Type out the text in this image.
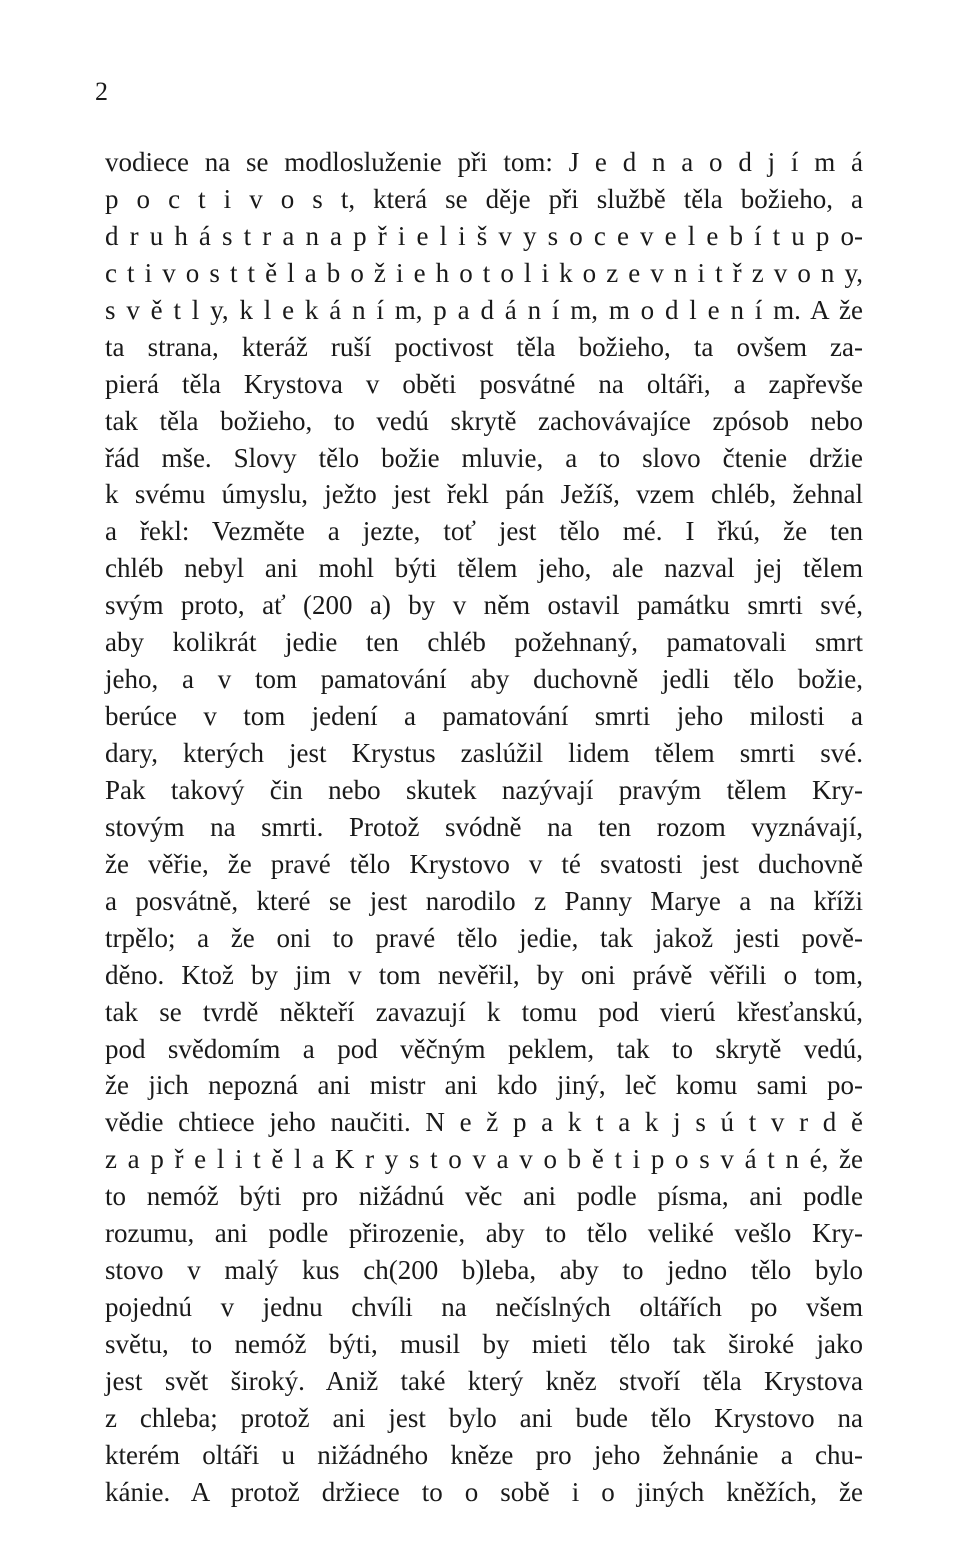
2
vodiece na se modlosluženie při tom: J e d n a o d j í m á
p o c t i v o s t, která se děje při službě těla božieho, a
d r u h á s t r a n a p ř i e l i š v y s o c e v e l e b í t u p o-
c t i v o s t t ě l a b o ž i e h o t o l i k o z e v n i t ř z v o n y,
s v ě t l y, k l e k á n í m, p a d á n í m, m o d l e n í m. A že
ta strana, kteráž ruší poctivost těla božieho, ta ovšem za-
pierá těla Krystova v oběti posvátné na oltáři, a zapřevše
tak těla božieho, to vedú skrytě zachovávajíce zpósob nebo
řád mše. Slovy tělo božie mluvie, a to slovo čtenie držie
k svému úmyslu, ježto jest řekl pán Ježíš, vzem chléb, žehnal
a řekl: Vezměte a jezte, toť jest tělo mé. I řkú, že ten
chléb nebyl ani mohl býti tělem jeho, ale nazval jej tělem
svým proto, ať (200 a) by v něm ostavil památku smrti své,
aby kolikrát jedie ten chléb požehnaný, pamatovali smrt
jeho, a v tom pamatování aby duchovně jedli tělo božie,
berúce v tom jedení a pamatování smrti jeho milosti a
dary, kterých jest Krystus zaslúžil lidem tělem smrti své.
Pak takový čin nebo skutek nazývají pravým tělem Kry-
stovým na smrti. Protož svódně na ten rozom vyznávají,
že věřie, že pravé tělo Krystovo v té svatosti jest duchovně
a posvátně, které se jest narodilo z Panny Marye a na kříži
trpělo; a že oni to pravé tělo jedie, tak jakož jesti pově-
děno. Ktož by jim v tom nevěřil, by oni právě věřili o tom,
tak se tvrdě někteří zavazují k tomu pod vierú křesťanskú,
pod svědomím a pod věčným peklem, tak to skrytě vedú,
že jich nepozná ani mistr ani kdo jiný, leč komu sami po-
vědie chtiece jeho naučiti. N e ž p a k t a k j s ú t v r d ě
z a p ř e l i t ě l a K r y s t o v a v o b ě t i p o s v á t n é, že
to nemóž býti pro nižádnú věc ani podle písma, ani podle
rozumu, ani podle přirozenie, aby to tělo veliké vešlo Kry-
stovo v malý kus ch(200 b)leba, aby to jedno tělo bylo
pojednú v jednu chvíli na nečíslných oltářích po všem
světu, to nemóž býti, musil by mieti tělo tak široké jako
jest svět široký. Aniž také který kněz stvoří těla Krystova
z chleba; protož ani jest bylo ani bude tělo Krystovo na
kterém oltáři u nižádného kněze pro jeho žehnánie a chu-
kánie. A protož držiece to o sobě i o jiných kněžích, že
